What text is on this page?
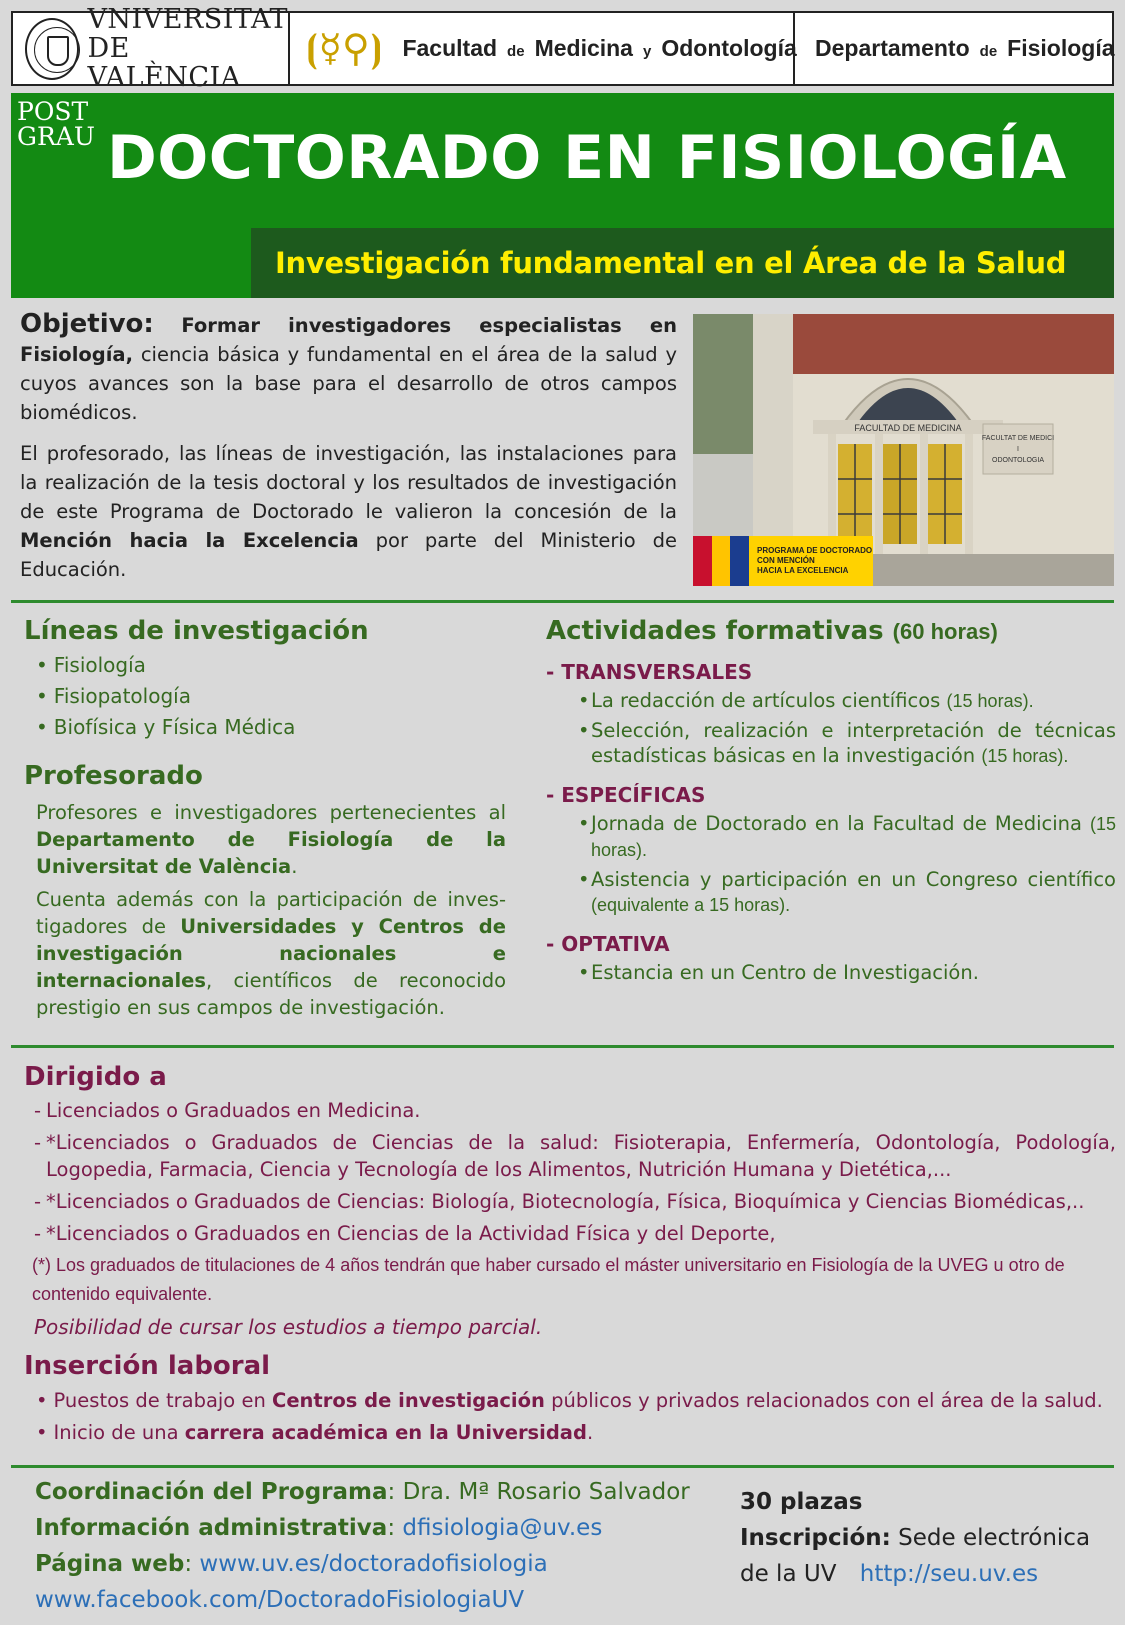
VNIVERSITAT
DE VALÈNCIA
⦗☿⚲⦘ Facultad de Medicina y Odontología Departamento de Fisiología
POST
GRAU DOCTORADO EN FISIOLOGÍA
Investigación fundamental en el Área de la Salud

Objetivo: Formar investigadores especialistas en Fisiología, ciencia básica y fundamental en el área de la salud y cuyos avances son la base para el desarrollo de otros campos biomédicos.

El profesorado, las líneas de investigación, las instalaciones para la realización de la tesis doctoral y los resultados de investigación de este Programa de Doctorado le valieron la concesión de la Mención hacia la Excelencia por parte del Ministerio de Educación.

FACULTAD DE MEDICINA
FACULTAT DE MEDICI
I
ODONTOLOGIA
PROGRAMA DE DOCTORADO
CON MENCIÓN
HACIA LA EXCELENCIA
Líneas de investigación
• Fisiología
• Fisiopatología
• Biofísica y Física Médica
Profesorado
Profesores e investigadores pertenecientes al Departamento de Fisiología de la Universitat de València.
Cuenta además con la participación de inves-tigadores de Universidades y Centros de investigación nacionales e internacionales, científicos de reconocido prestigio en sus campos de investigación.
Actividades formativas (60 horas)
- TRANSVERSALES
• La redacción de artículos científicos (15 horas).
• Selección, realización e interpretación de técnicas estadísticas básicas en la investigación (15 horas).
- ESPECÍFICAS
• Jornada de Doctorado en la Facultad de Medicina (15 horas).
• Asistencia y participación en un Congreso científico (equivalente a 15 horas).
- OPTATIVA
• Estancia en un Centro de Investigación.
Dirigido a
- Licenciados o Graduados en Medicina.
- *Licenciados o Graduados de Ciencias de la salud: Fisioterapia, Enfermería, Odontología, Podología, Logopedia, Farmacia, Ciencia y Tecnología de los Alimentos, Nutrición Humana y Dietética,...
- *Licenciados o Graduados de Ciencias: Biología, Biotecnología, Física, Bioquímica y Ciencias Biomédicas,..
- *Licenciados o Graduados en Ciencias de la Actividad Física y del Deporte,
(*) Los graduados de titulaciones de 4 años tendrán que haber cursado el máster universitario en Fisiología de la UVEG u otro de contenido equivalente.
Posibilidad de cursar los estudios a tiempo parcial.
Inserción laboral
• Puestos de trabajo en Centros de investigación públicos y privados relacionados con el área de la salud.
• Inicio de una carrera académica en la Universidad.
Coordinación del Programa: Dra. Mª Rosario Salvador
Información administrativa: dfisiologia@uv.es
Página web: www.uv.es/doctoradofisiologia
www.facebook.com/DoctoradoFisiologiaUV
30 plazas
Inscripción: Sede electrónica
de la UV http://seu.uv.es
